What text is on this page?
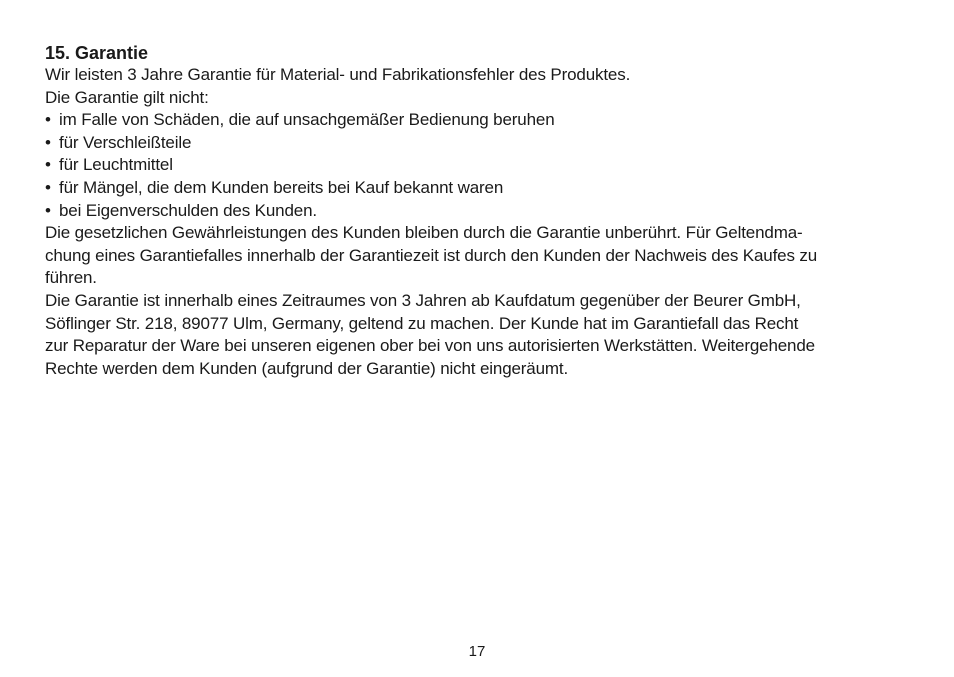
15. Garantie

Wir leisten 3 Jahre Garantie für Material- und Fabrikationsfehler des Produktes.

Die Garantie gilt nicht:

• im Falle von Schäden, die auf unsachgemäßer Bedienung beruhen
• für Verschleißteile
• für Leuchtmittel
• für Mängel, die dem Kunden bereits bei Kauf bekannt waren
• bei Eigenverschulden des Kunden.

Die gesetzlichen Gewährleistungen des Kunden bleiben durch die Garantie unberührt. Für Geltendma-

chung eines Garantiefalles innerhalb der Garantiezeit ist durch den Kunden der Nachweis des Kaufes zu

führen.

Die Garantie ist innerhalb eines Zeitraumes von 3 Jahren ab Kaufdatum gegenüber der Beurer GmbH,

Söflinger Str. 218, 89077 Ulm, Germany, geltend zu machen. Der Kunde hat im Garantiefall das Recht

zur Reparatur der Ware bei unseren eigenen ober bei von uns autorisierten Werkstätten. Weitergehende

Rechte werden dem Kunden (aufgrund der Garantie) nicht eingeräumt.

17
